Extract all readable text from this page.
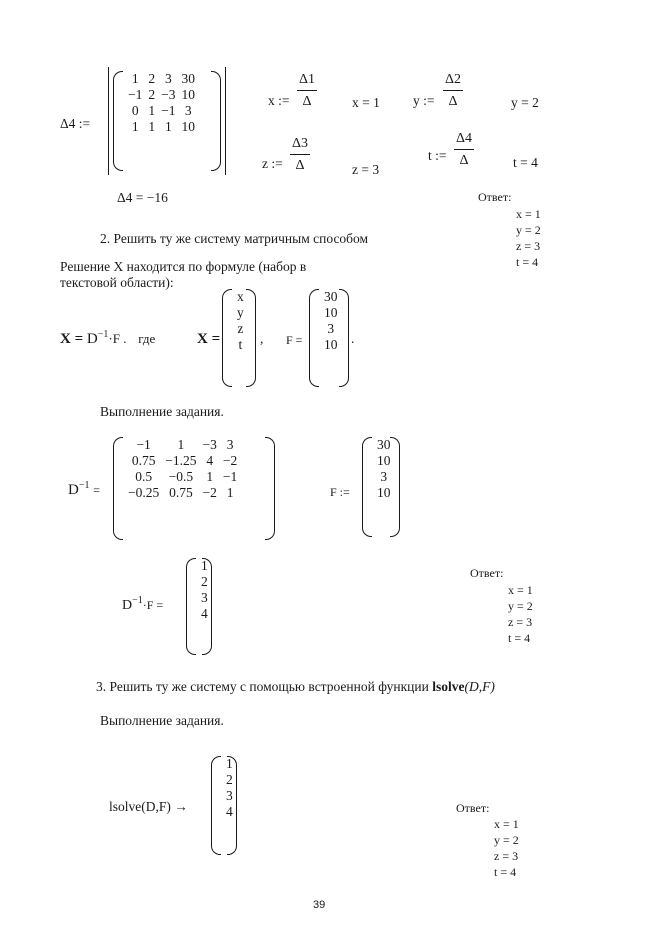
Δ4 :=
1	2	3	30
−1	2	−3	10
0	1	−1	3
1	1	1	10
x := $\frac{\Delta 1}{\Delta}$	x = 1 y := $\frac{\Delta 2}{\Delta}$	y = 2
z := $\frac{\Delta 3}{\Delta}$	z = 3
t := $\frac{\Delta 4}{\Delta}$	t = 4
Δ4 = −16	Ответ:
x = 1
y = 2
z = 3
t = 4
2. Решить ту же систему матричным способом
Решение X находится по формуле (набор в
текстовой области):
$X = D^{-1}\cdot F$ . где	X =
x
y
z
t , F =
30
10
3
10 .
Выполнение задания.
$D^{-1}$ =
−1	1	−3	3
0.75	−1.25	4	−2
0.5	−0.5	1	−1
−0.25	0.75	−2	1	F :=
30
10
3
10
$D^{-1}\cdot F$ =
1
2
3
4
Ответ:
x = 1
y = 2
z = 3
t = 4
3. Решить ту же систему с помощью встроенной функции lsolve(D,F)
Выполнение задания.
lsolve(D,F) →
1
2
3
4	Ответ:
x = 1
y = 2
z = 3
t = 4
39
